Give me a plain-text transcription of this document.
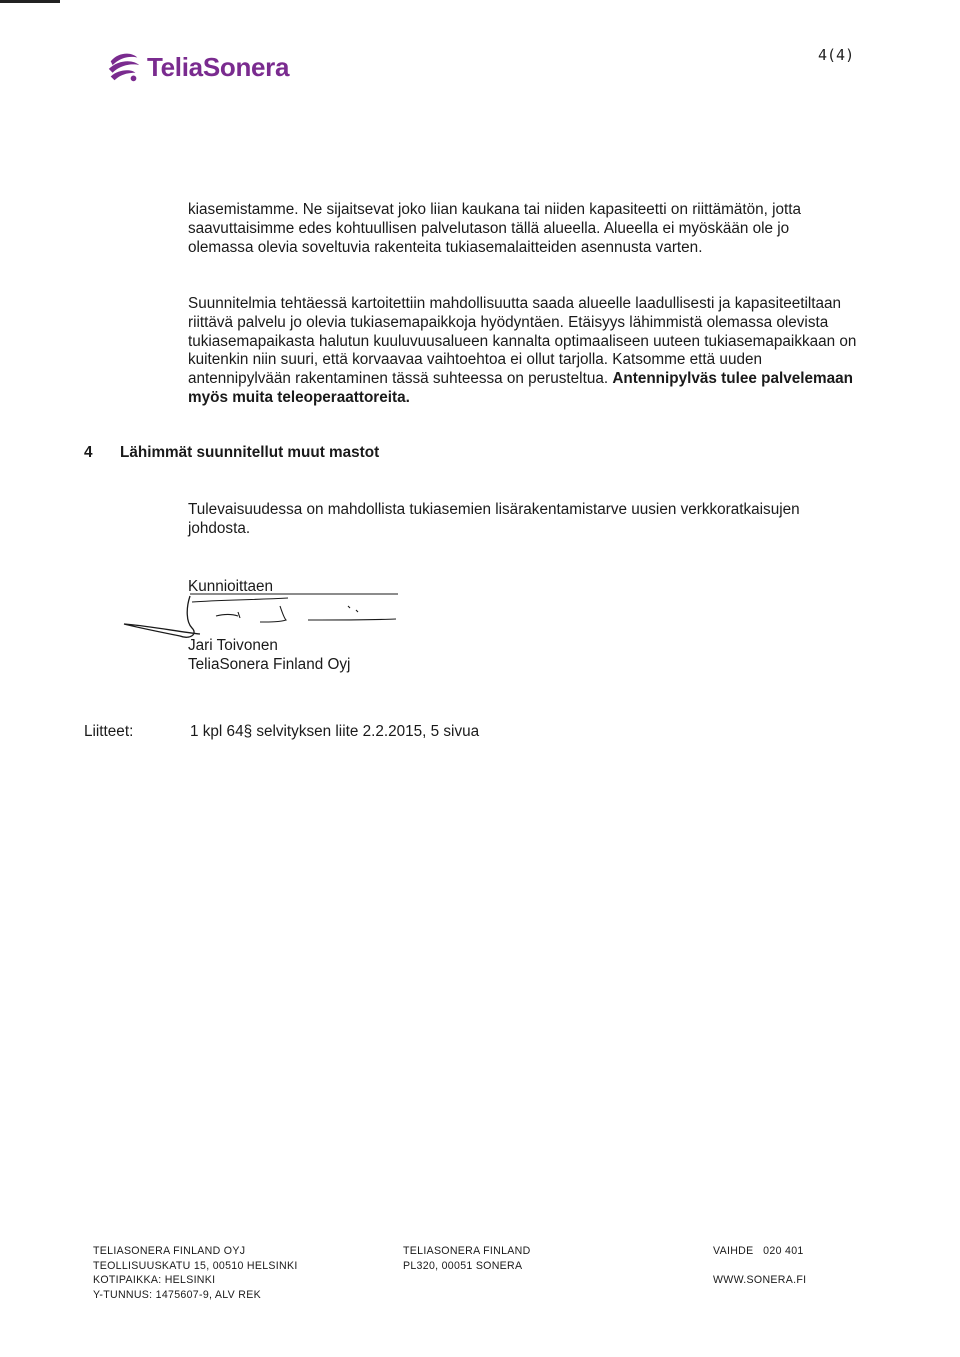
TeliaSonera	4(4)
kiasemistamme. Ne sijaitsevat joko liian kaukana tai niiden kapasiteetti on riittämätön, jotta saavuttaisimme edes kohtuullisen palvelutason tällä alueella. Alueella ei myöskään ole jo olemassa olevia soveltuvia rakenteita tukiasemalaitteiden asennusta varten.
Suunnitelmia tehtäessä kartoitettiin mahdollisuutta saada alueelle laadullisesti ja kapasiteetiltaan riittävä palvelu jo olevia tukiasemapaikkoja hyödyntäen. Etäisyys lähimmistä olemassa olevista tukiasemapaikasta halutun kuuluvuusalueen kannalta optimaaliseen uuteen tukiasemapaikkaan on kuitenkin niin suuri, että korvaavaa vaihtoehtoa ei ollut tarjolla. Katsomme että uuden antennipylvään rakentaminen tässä suhteessa on perusteltua. Antennipylväs tulee palvelemaan myös muita teleoperaattoreita.
4 Lähimmät suunnitellut muut mastot
Tulevaisuudessa on mahdollista tukiasemien lisärakentamistarve uusien verkkoratkaisujen johdosta.
Kunnioittaen
Jari Toivonen
TeliaSonera Finland Oyj
Liitteet:	1 kpl 64§ selvityksen liite 2.2.2015, 5 sivua
TELIASONERA FINLAND OYJ
TEOLLISUUSKATU 15, 00510 HELSINKI
KOTIPAIKKA: HELSINKI
Y-TUNNUS: 1475607-9, ALV REK
TELIASONERA FINLAND
PL320, 00051 SONERA
VAIHDE   020 401
WWW.SONERA.FI
